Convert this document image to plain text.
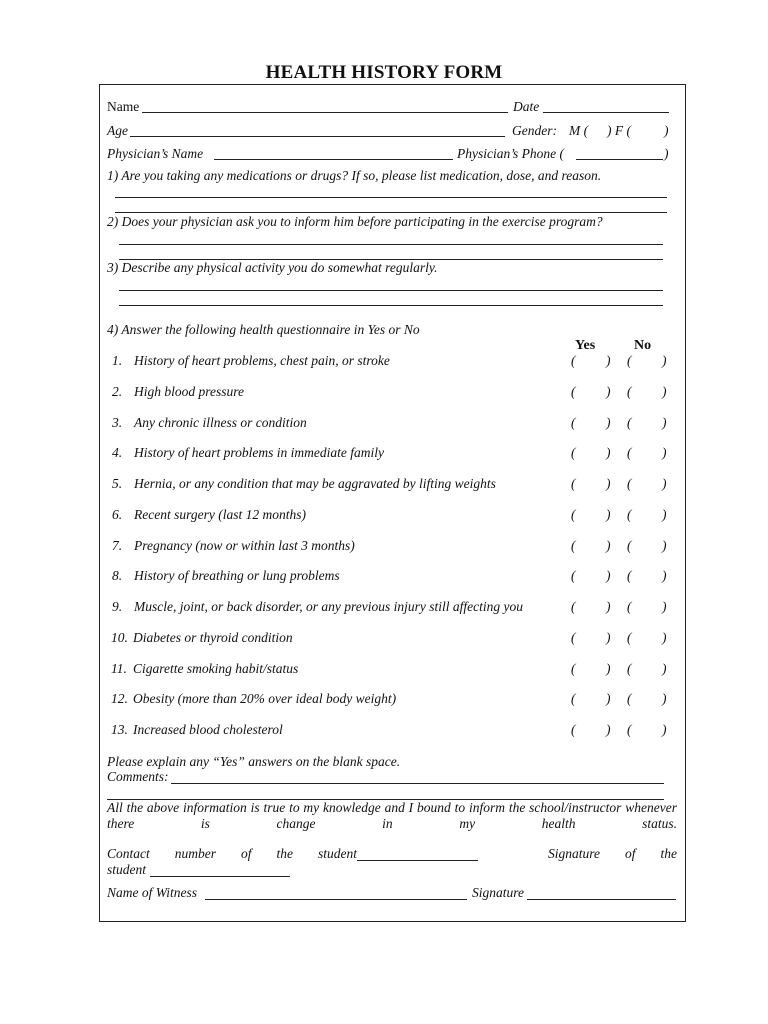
HEALTH HISTORY FORM
Name	Date
Age	Gender: M ( ) F ( )
Physician’s Name	Physician’s Phone (	)
1) Are you taking any medications or drugs? If so, please list medication, dose, and reason.
2) Does your physician ask you to inform him before participating in the exercise program?
3) Describe any physical activity you do somewhat regularly.
4) Answer the following health questionnaire in Yes or No
Yes	No
1. History of heart problems, chest pain, or stroke	( ) ( )
2. High blood pressure	( ) ( )
3. Any chronic illness or condition	( ) ( )
4. History of heart problems in immediate family	( ) ( )
5. Hernia, or any condition that may be aggravated by lifting weights	( ) ( )
6. Recent surgery (last 12 months)	( ) ( )
7. Pregnancy (now or within last 3 months)	( ) ( )
8. History of breathing or lung problems	( ) ( )
9. Muscle, joint, or back disorder, or any previous injury still affecting you	( ) ( )
10. Diabetes or thyroid condition	( ) ( )
11. Cigarette smoking habit/status	( ) ( )
12. Obesity (more than 20% over ideal body weight)	( ) ( )
13. Increased blood cholesterol	( ) ( )
Please explain any “Yes” answers on the blank space.
Comments:
All the above information is true to my knowledge and I bound to inform the school/instructor whenever there is change in my health status.
Contact number of the student	Signature of the
student
Name of Witness	Signature
